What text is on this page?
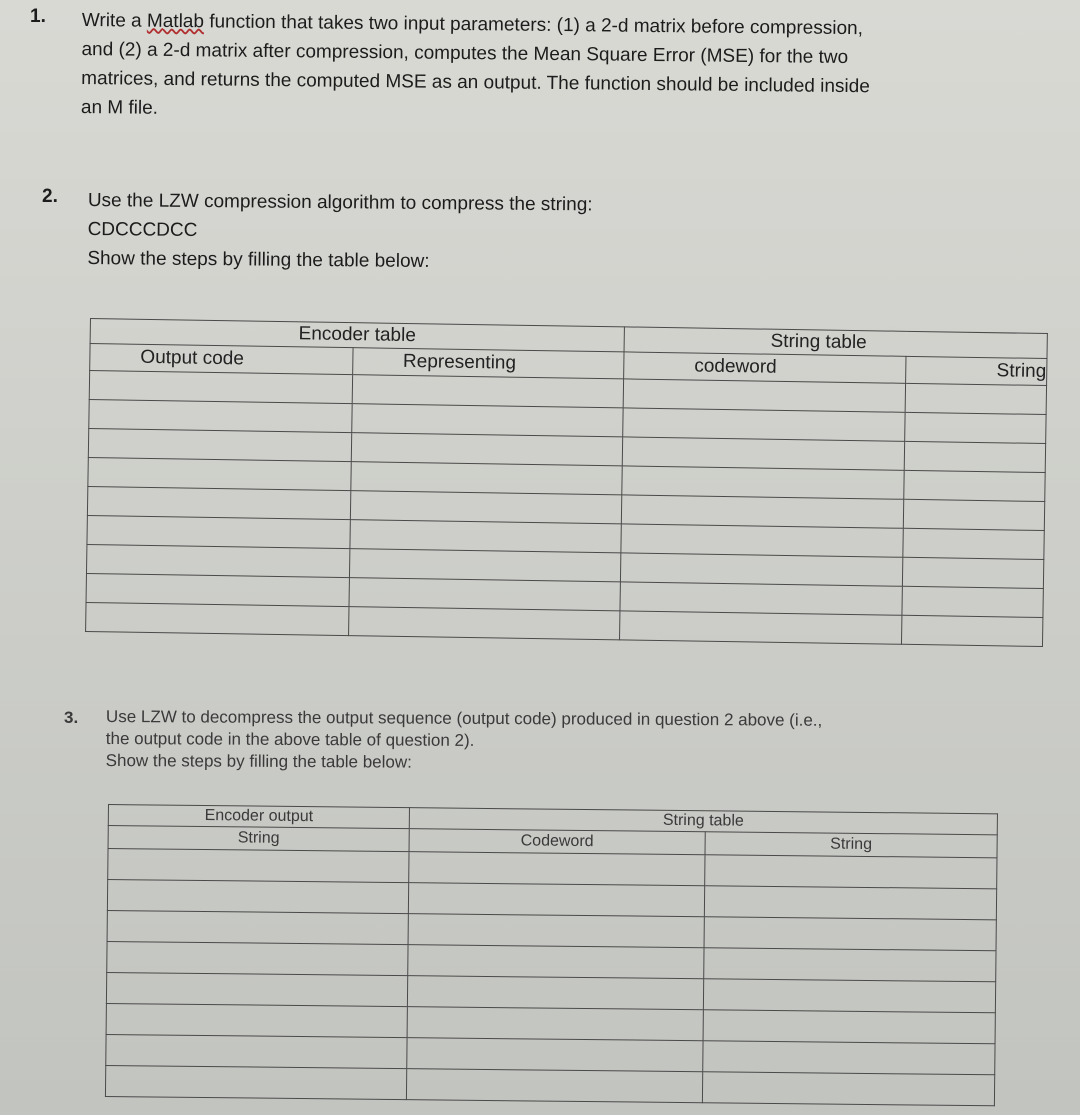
1. Write a Matlab function that takes two input parameters: (1) a 2-d matrix before compression,
and (2) a 2-d matrix after compression, computes the Mean Square Error (MSE) for the two
matrices, and returns the computed MSE as an output. The function should be included inside
an M file.
2. Use the LZW compression algorithm to compress the string:
CDCCCDCC
Show the steps by filling the table below:
Encoder table		String table	
Output code	Representing	codeword	String

3. Use LZW to decompress the output sequence (output code) produced in question 2 above (i.e.,
the output code in the above table of question 2).
Show the steps by filling the table below:
Encoder output	String table	
String	Codeword	String
